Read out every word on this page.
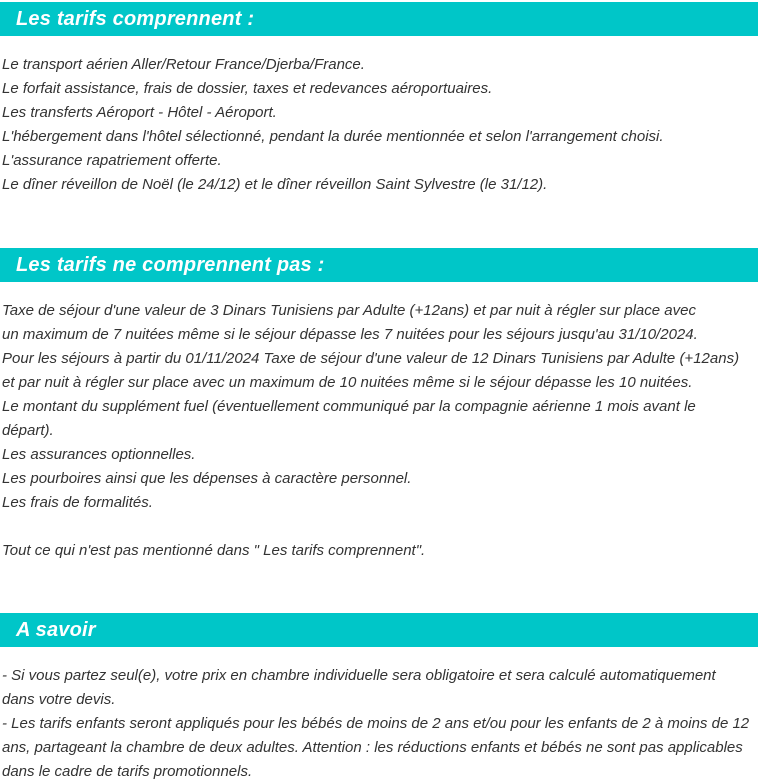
Les tarifs comprennent :

Le transport aérien Aller/Retour France/Djerba/France.

Le forfait assistance, frais de dossier, taxes et redevances aéroportuaires.

Les transferts Aéroport - Hôtel - Aéroport.

L'hébergement dans l'hôtel sélectionné, pendant la durée mentionnée et selon l'arrangement choisi.

L'assurance rapatriement offerte.

Le dîner réveillon de Noël (le 24/12) et le dîner réveillon Saint Sylvestre (le 31/12).

Les tarifs ne comprennent pas :

Taxe de séjour d'une valeur de 3 Dinars Tunisiens par Adulte (+12ans) et par nuit à régler sur place avec

un maximum de 7 nuitées même si le séjour dépasse les 7 nuitées pour les séjours jusqu'au 31/10/2024.

Pour les séjours à partir du 01/11/2024 Taxe de séjour d'une valeur de 12 Dinars Tunisiens par Adulte (+12ans)

et par nuit à régler sur place avec un maximum de 10 nuitées même si le séjour dépasse les 10 nuitées.

Le montant du supplément fuel (éventuellement communiqué par la compagnie aérienne 1 mois avant le départ).

Les assurances optionnelles.

Les pourboires ainsi que les dépenses à caractère personnel.

Les frais de formalités.

Tout ce qui n'est pas mentionné dans " Les tarifs comprennent".

A savoir

- Si vous partez seul(e), votre prix en chambre individuelle sera obligatoire et sera calculé automatiquement dans votre devis.

- Les tarifs enfants seront appliqués pour les bébés de moins de 2 ans et/ou pour les enfants de 2 à moins de 12 ans, partageant la chambre de deux adultes. Attention : les réductions enfants et bébés ne sont pas applicables dans le cadre de tarifs promotionnels.
